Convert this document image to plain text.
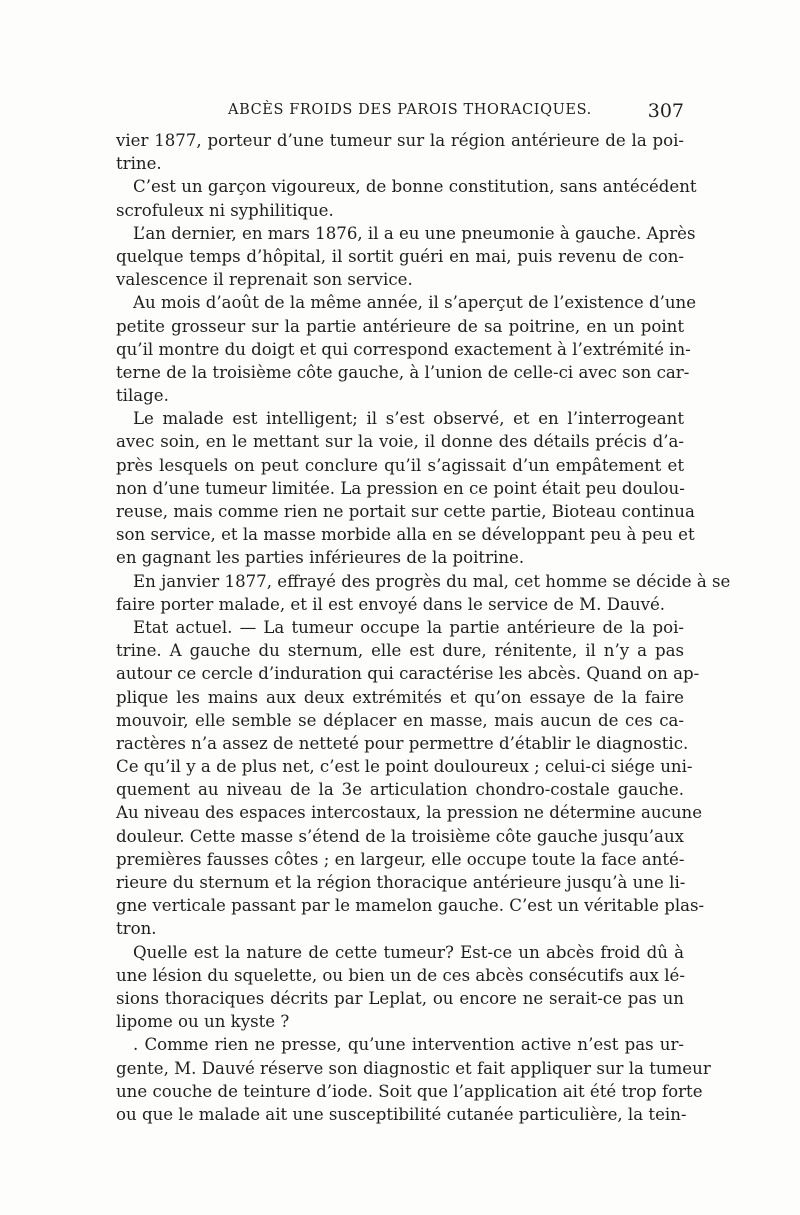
ABCÈS FROIDS DES PAROIS THORACIQUES.	307
vier 1877, porteur d’une tumeur sur la région antérieure de la poi-
trine.
C’est un garçon vigoureux, de bonne constitution, sans antécédent
scrofuleux ni syphilitique.
L’an dernier, en mars 1876, il a eu une pneumonie à gauche. Après
quelque temps d’hôpital, il sortit guéri en mai, puis revenu de con-
valescence il reprenait son service.
Au mois d’août de la même année, il s’aperçut de l’existence d’une
petite grosseur sur la partie antérieure de sa poitrine, en un point
qu’il montre du doigt et qui correspond exactement à l’extrémité in-
terne de la troisième côte gauche, à l’union de celle-ci avec son car-
tilage.
Le malade est intelligent; il s’est observé, et en l’interrogeant
avec soin, en le mettant sur la voie, il donne des détails précis d’a-
près lesquels on peut conclure qu’il s’agissait d’un empâtement et
non d’une tumeur limitée. La pression en ce point était peu doulou-
reuse, mais comme rien ne portait sur cette partie, Bioteau continua
son service, et la masse morbide alla en se développant peu à peu et
en gagnant les parties inférieures de la poitrine.
En janvier 1877, effrayé des progrès du mal, cet homme se décide à se
faire porter malade, et il est envoyé dans le service de M. Dauvé.
Etat actuel. — La tumeur occupe la partie antérieure de la poi-
trine. A gauche du sternum, elle est dure, rénitente, il n’y a pas
autour ce cercle d’induration qui caractérise les abcès. Quand on ap-
plique les mains aux deux extrémités et qu’on essaye de la faire
mouvoir, elle semble se déplacer en masse, mais aucun de ces ca-
ractères n’a assez de netteté pour permettre d’établir le diagnostic.
Ce qu’il y a de plus net, c’est le point douloureux ; celui-ci siége uni-
quement au niveau de la 3e articulation chondro-costale gauche.
Au niveau des espaces intercostaux, la pression ne détermine aucune
douleur. Cette masse s’étend de la troisième côte gauche jusqu’aux
premières fausses côtes ; en largeur, elle occupe toute la face anté-
rieure du sternum et la région thoracique antérieure jusqu’à une li-
gne verticale passant par le mamelon gauche. C’est un véritable plas-
tron.
Quelle est la nature de cette tumeur? Est-ce un abcès froid dû à
une lésion du squelette, ou bien un de ces abcès consécutifs aux lé-
sions thoraciques décrits par Leplat, ou encore ne serait-ce pas un
lipome ou un kyste ?
. Comme rien ne presse, qu’une intervention active n’est pas ur-
gente, M. Dauvé réserve son diagnostic et fait appliquer sur la tumeur
une couche de teinture d’iode. Soit que l’application ait été trop forte
ou que le malade ait une susceptibilité cutanée particulière, la tein-
